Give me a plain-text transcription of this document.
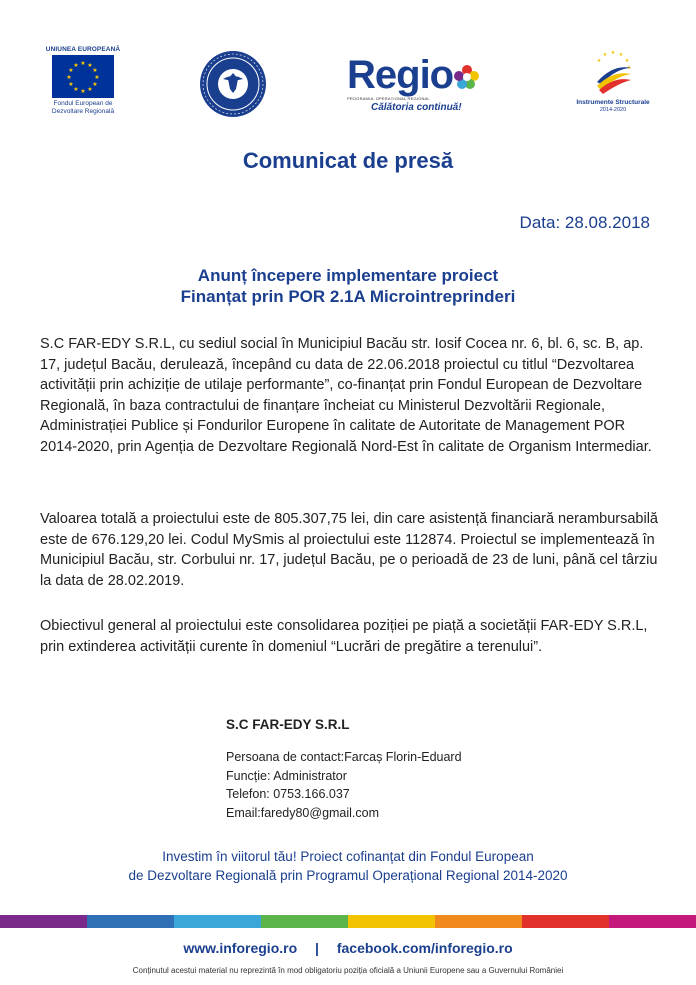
UNIUNEA EUROPEANĂ
★ ★
★
★
★
★
★
★
★
★
★
★
Fondul European de
Dezvoltare Regională
Regio
PROGRAMUL OPERAȚIONAL REGIONAL
Călătoria continuă!
★ ★
★
★
★
Instrumente Structurale
2014-2020
Comunicat de presă
Data: 28.08.2018
Anunț începere implementare proiect
Finanțat prin POR 2.1A Microintreprinderi
S.C FAR-EDY S.R.L, cu sediul social în Municipiul Bacău str. Iosif Cocea nr. 6, bl. 6, sc. B, ap. 17, județul Bacău, derulează, începând cu data de 22.06.2018 proiectul cu titlul “Dezvoltarea activității prin achiziție de utilaje performante”, co-finanțat prin Fondul European de Dezvoltare Regională, în baza contractului de finanțare încheiat cu Ministerul Dezvoltării Regionale, Administrației Publice și Fondurilor Europene în calitate de Autoritate de Management POR 2014-2020, prin Agenția de Dezvoltare Regională Nord-Est în calitate de Organism Intermediar.
Valoarea totală a proiectului este de 805.307,75 lei, din care asistență financiară nerambursabilă este de 676.129,20 lei. Codul MySmis al proiectului este 112874. Proiectul se implementează în Municipiul Bacău, str. Corbului nr. 17, județul Bacău, pe o perioadă de 23 de luni, până cel târziu la data de 28.02.2019.
Obiectivul general al proiectului este consolidarea poziției pe piață a societății FAR-EDY S.R.L, prin extinderea activității curente în domeniul “Lucrări de pregătire a terenului”.
S.C FAR-EDY S.R.L
Persoana de contact:Farcaș Florin-Eduard
Funcție: Administrator
Telefon: 0753.166.037
Email:faredy80@gmail.com
Investim în viitorul tău! Proiect cofinanțat din Fondul European
de Dezvoltare Regională prin Programul Operațional Regional 2014-2020
www.inforegio.ro | facebook.com/inforegio.ro
Conținutul acestui material nu reprezintă în mod obligatoriu poziția oficială a Uniunii Europene sau a Guvernului României
